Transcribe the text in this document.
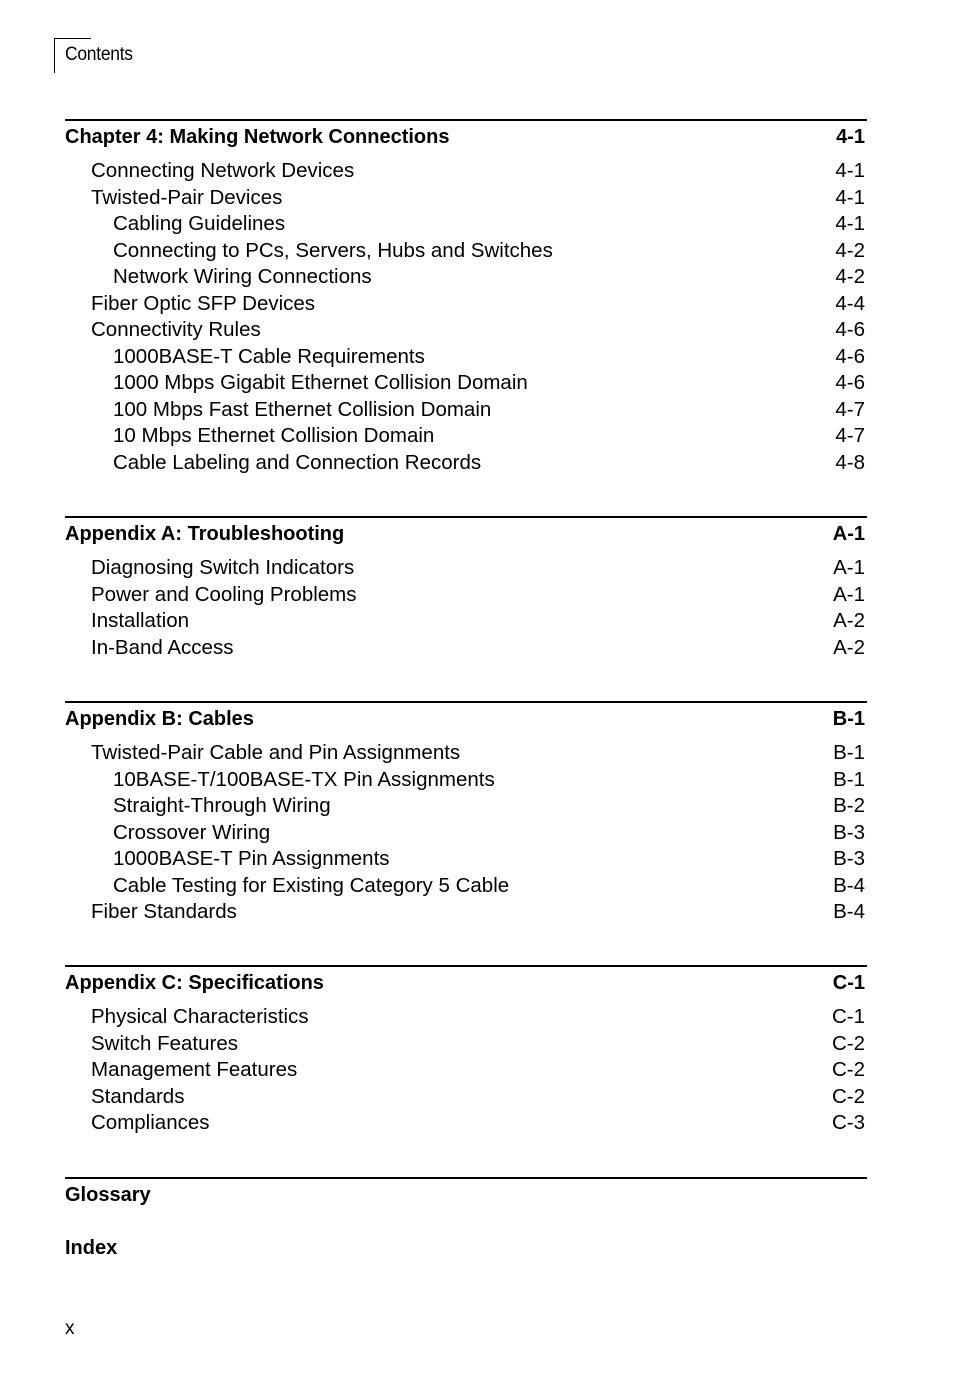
Contents
Chapter 4: Making Network Connections	4-1
Connecting Network Devices	4-1
Twisted-Pair Devices	4-1
Cabling Guidelines	4-1
Connecting to PCs, Servers, Hubs and Switches	4-2
Network Wiring Connections	4-2
Fiber Optic SFP Devices	4-4
Connectivity Rules	4-6
1000BASE-T Cable Requirements	4-6
1000 Mbps Gigabit Ethernet Collision Domain	4-6
100 Mbps Fast Ethernet Collision Domain	4-7
10 Mbps Ethernet Collision Domain	4-7
Cable Labeling and Connection Records	4-8
Appendix A: Troubleshooting	A-1
Diagnosing Switch Indicators	A-1
Power and Cooling Problems	A-1
Installation	A-2
In-Band Access	A-2
Appendix B: Cables	B-1
Twisted-Pair Cable and Pin Assignments	B-1
10BASE-T/100BASE-TX Pin Assignments	B-1
Straight-Through Wiring	B-2
Crossover Wiring	B-3
1000BASE-T Pin Assignments	B-3
Cable Testing for Existing Category 5 Cable	B-4
Fiber Standards	B-4
Appendix C: Specifications	C-1
Physical Characteristics	C-1
Switch Features	C-2
Management Features	C-2
Standards	C-2
Compliances	C-3
Glossary
Index
x
